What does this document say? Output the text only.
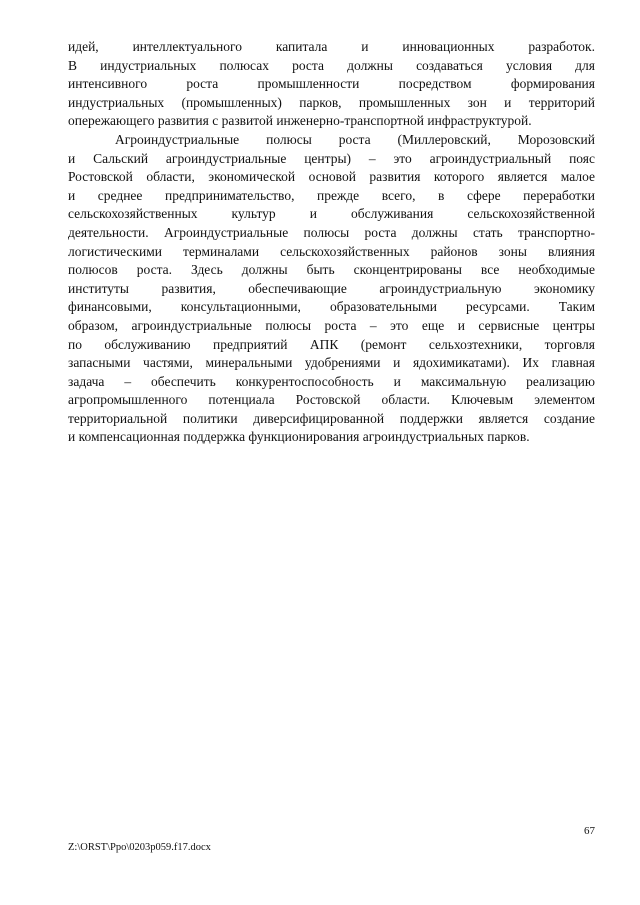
идей, интеллектуального капитала и инновационных разработок.
В индустриальных полюсах роста должны создаваться условия для
интенсивного роста промышленности посредством формирования
индустриальных (промышленных) парков, промышленных зон и территорий
опережающего развития с развитой инженерно-транспортной инфраструктурой.
Агроиндустриальные полюсы роста (Миллеровский, Морозовский
и Сальский агроиндустриальные центры) – это агроиндустриальный пояс
Ростовской области, экономической основой развития которого является малое
и среднее предпринимательство, прежде всего, в сфере переработки
сельскохозяйственных культур и обслуживания сельскохозяйственной
деятельности. Агроиндустриальные полюсы роста должны стать транспортно-
логистическими терминалами сельскохозяйственных районов зоны влияния
полюсов роста. Здесь должны быть сконцентрированы все необходимые
институты развития, обеспечивающие агроиндустриальную экономику
финансовыми, консультационными, образовательными ресурсами. Таким
образом, агроиндустриальные полюсы роста – это еще и сервисные центры
по обслуживанию предприятий АПК (ремонт сельхозтехники, торговля
запасными частями, минеральными удобрениями и ядохимикатами). Их главная
задача – обеспечить конкурентоспособность и максимальную реализацию
агропромышленного потенциала Ростовской области. Ключевым элементом
территориальной политики диверсифицированной поддержки является создание
и компенсационная поддержка функционирования агроиндустриальных парков.
67
Z:\ORST\Ppo\0203p059.f17.docx
